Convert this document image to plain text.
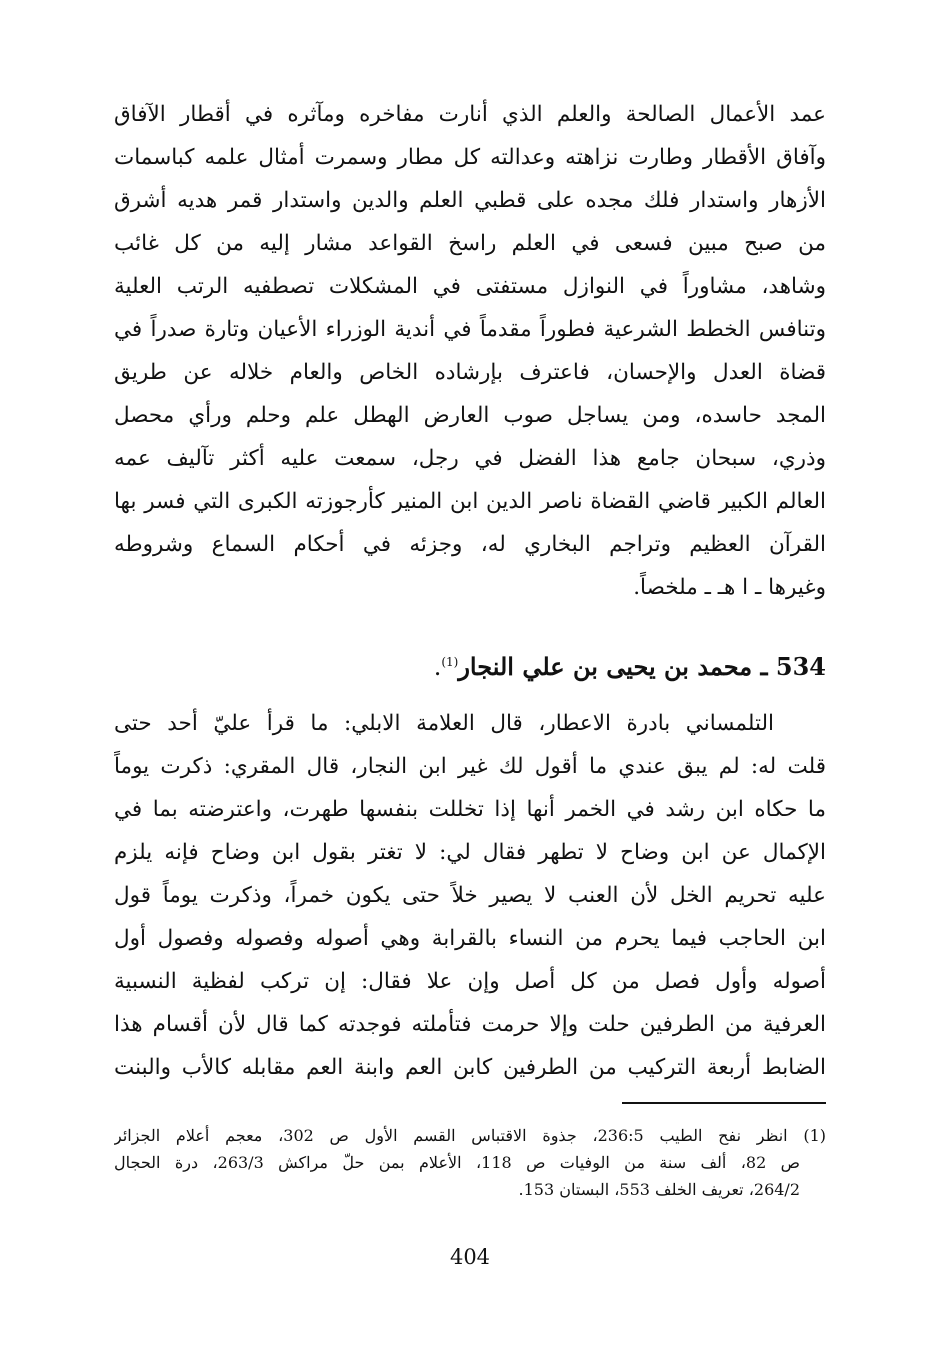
عمد الأعمال الصالحة والعلم الذي أنارت مفاخره ومآثره في أقطار الآفاق
وآفاق الأقطار وطارت نزاهته وعدالته كل مطار وسمرت أمثال علمه كباسمات
الأزهار واستدار فلك مجده على قطبي العلم والدين واستدار قمر هديه أشرق
من صبح مبين فسعى في العلم راسخ القواعد مشار إليه من كل غائب
وشاهد، مشاوراً في النوازل مستفتى في المشكلات تصطفيه الرتب العلية
وتنافس الخطط الشرعية فطوراً مقدماً في أندية الوزراء الأعيان وتارة صدراً في
قضاة العدل والإحسان، فاعترف بإرشاده الخاص والعام خلاله عن طريق
المجد حاسده، ومن يساجل صوب العارض الهطل علم وحلم ورأي محصل
وذري، سبحان جامع هذا الفضل في رجل، سمعت عليه أكثر تآليف عمه
العالم الكبير قاضي القضاة ناصر الدين ابن المنير كأرجوزته الكبرى التي فسر بها
القرآن العظيم وتراجم البخاري له، وجزئه في أحكام السماع وشروطه
وغيرها ـ ا هـ ـ ملخصاً.
534 ـ محمد بن يحيى بن علي النجار$^{(1)}$.
التلمساني بادرة الاعطار، قال العلامة الابلي: ما قرأ عليّ أحد حتى
قلت له: لم يبق عندي ما أقول لك غير ابن النجار، قال المقري: ذكرت يوماً
ما حكاه ابن رشد في الخمر أنها إذا تخللت بنفسها طهرت، واعترضته بما في
الإكمال عن ابن وضاح لا تطهر فقال لي: لا تغتر بقول ابن وضاح فإنه يلزم
عليه تحريم الخل لأن العنب لا يصير خلاً حتى يكون خمراً، وذكرت يوماً قول
ابن الحاجب فيما يحرم من النساء بالقرابة وهي أصوله وفصوله وفصول أول
أصوله وأول فصل من كل أصل وإن علا فقال: إن تركب لفظية النسبية
العرفية من الطرفين حلت وإلا حرمت فتأملته فوجدته كما قال لأن أقسام هذا
الضابط أربعة التركيب من الطرفين كابن العم وابنة العم مقابله كالأب والبنت
(1) انظر نفح الطيب 236:5، جذوة الاقتباس القسم الأول ص 302، معجم أعلام الجزائر
ص 82، ألف سنة من الوفيات ص 118، الأعلام بمن حلّ مراكش 263/3، درة الحجال
264/2، تعريف الخلف 553، البستان 153.
404
